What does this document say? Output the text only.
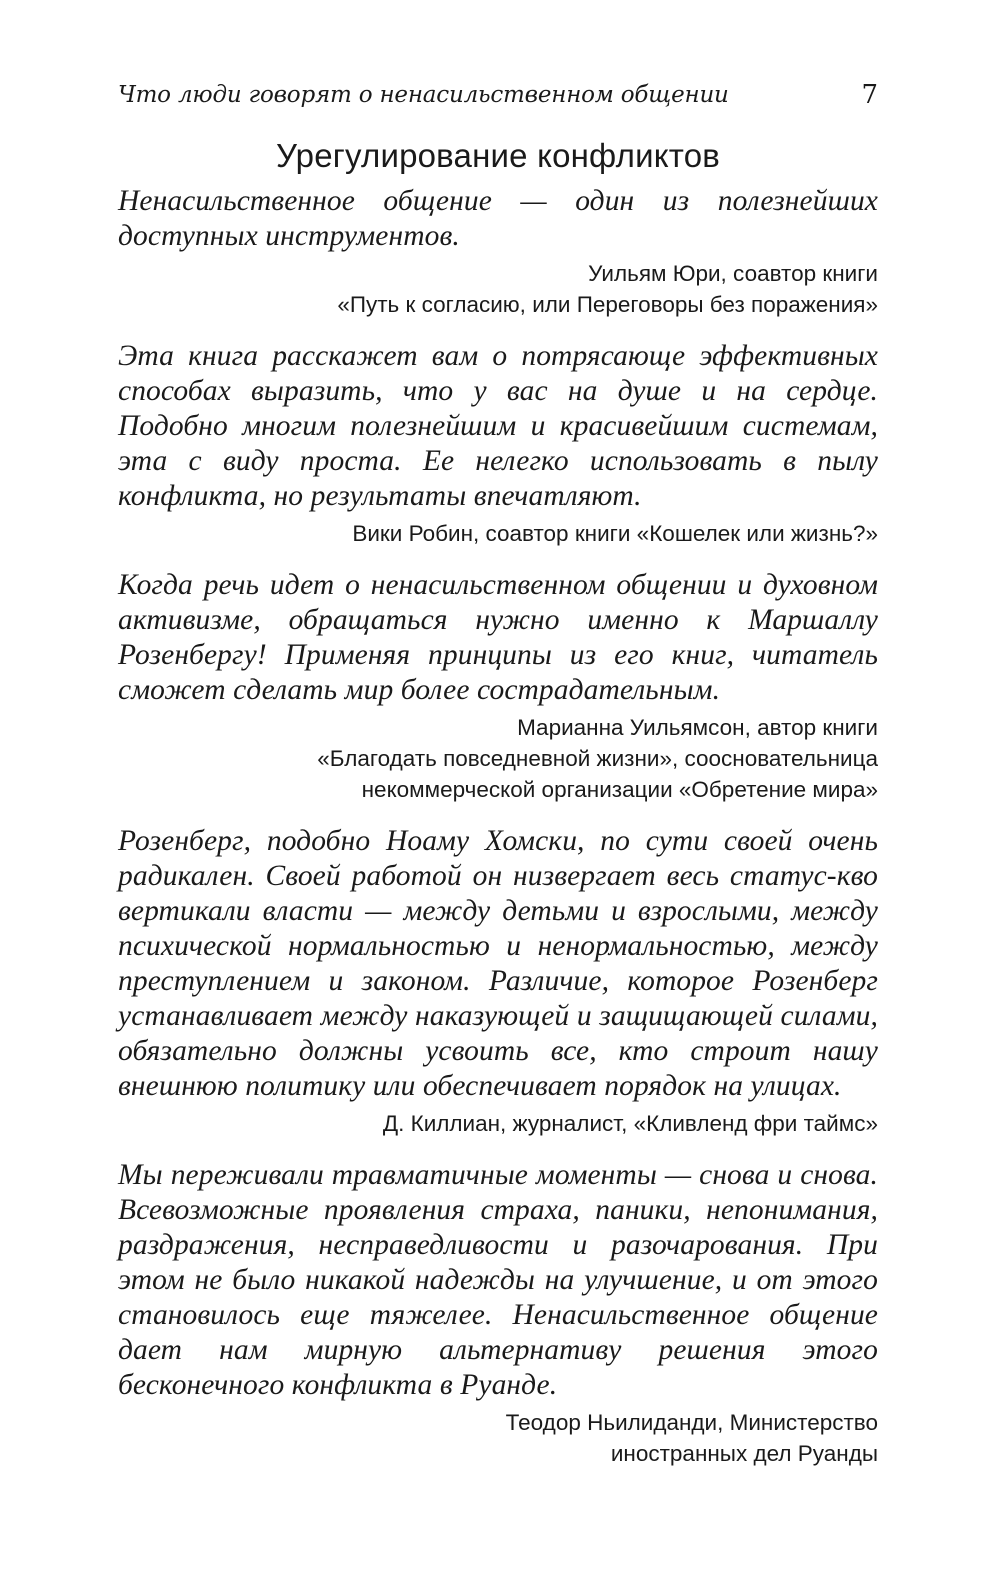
Что люди говорят о ненасильственном общении	7
Урегулирование конфликтов
Ненасильственное общение — один из полезнейших доступных инструментов.
Уильям Юри, соавтор книги
«Путь к согласию, или Переговоры без поражения»
Эта книга расскажет вам о потрясающе эффективных способах выразить, что у вас на душе и на сердце. Подобно многим полезнейшим и красивейшим системам, эта с виду проста. Ее нелегко использовать в пылу конфликта, но результаты впечатляют.
Вики Робин, соавтор книги «Кошелек или жизнь?»
Когда речь идет о ненасильственном общении и духовном активизме, обращаться нужно именно к Маршаллу Розенбергу! Применяя принципы из его книг, читатель сможет сделать мир более сострадательным.
Марианна Уильямсон, автор книги
«Благодать повседневной жизни», соосновательница
некоммерческой организации «Обретение мира»
Розенберг, подобно Ноаму Хомски, по сути своей очень радикален. Своей работой он низвергает весь статус-кво вертикали власти — между детьми и взрослыми, между психической нормальностью и ненормальностью, между преступлением и законом. Различие, которое Розенберг устанавливает между наказующей и защищающей силами, обязательно должны усвоить все, кто строит нашу внешнюю политику или обеспечивает порядок на улицах.
Д. Киллиан, журналист, «Кливленд фри таймс»
Мы переживали травматичные моменты — снова и снова. Всевозможные проявления страха, паники, непонимания, раздражения, несправедливости и разочарования. При этом не было никакой надежды на улучшение, и от этого становилось еще тяжелее. Ненасильственное общение дает нам мирную альтернативу решения этого бесконечного конфликта в Руанде.
Теодор Ньилиданди, Министерство
иностранных дел Руанды
